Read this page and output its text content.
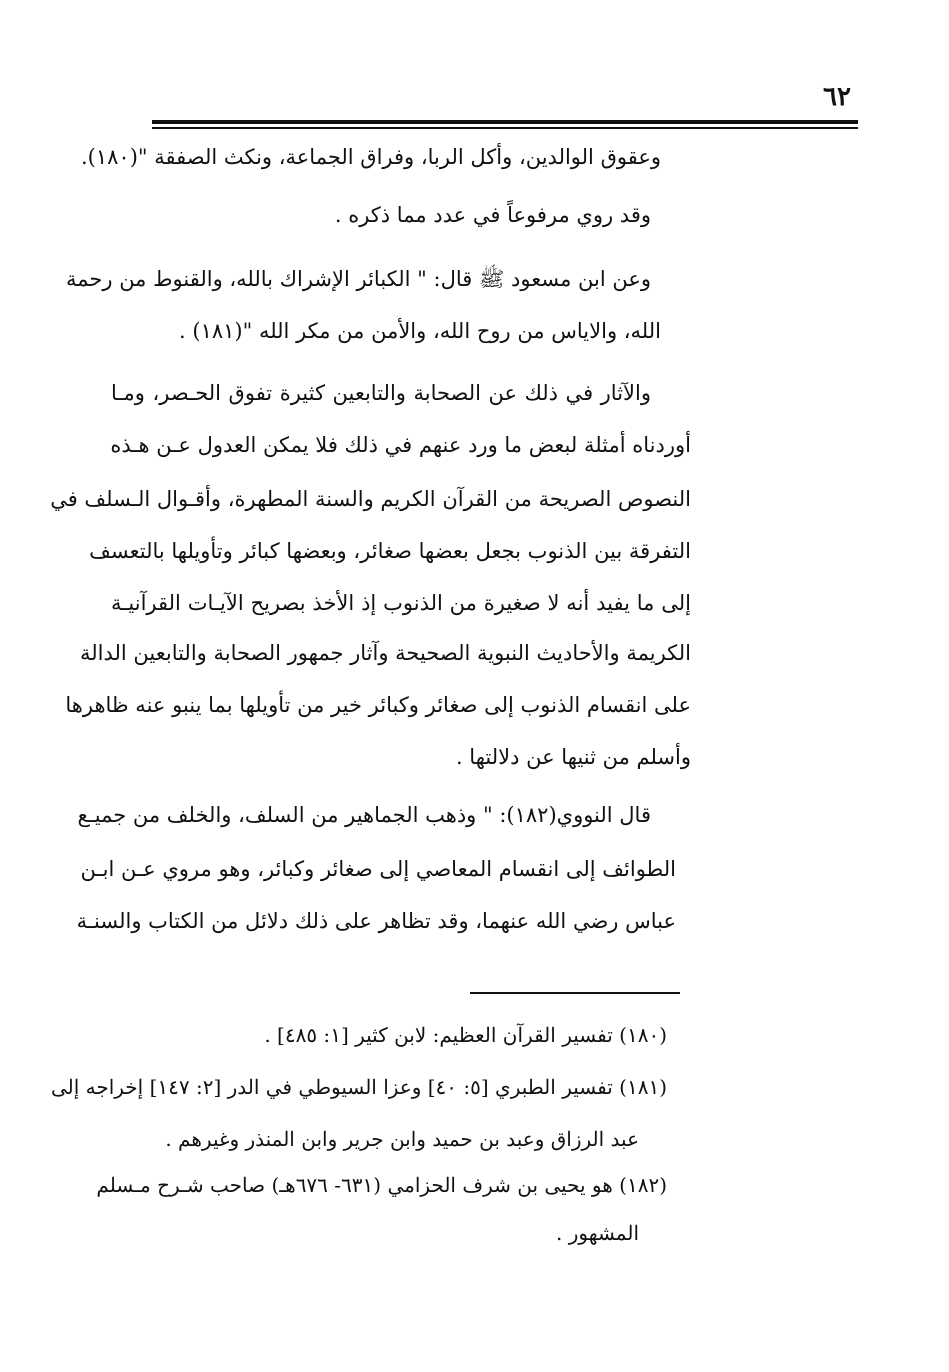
٦٢
وعقوق الوالدين، وأكل الربا، وفراق الجماعة، ونكث الصفقة "(١٨٠).
وقد روي مرفوعاً في عدد مما ذكره .
وعن ابن مسعود ﷺ قال: " الكبائر الإشراك بالله، والقنوط من رحمة
الله، والاياس من روح الله، والأمن من مكر الله "(١٨١) .
والآثار في ذلك عن الصحابة والتابعين كثيرة تفوق الحـصر، ومـا
أوردناه أمثلة لبعض ما ورد عنهم في ذلك فلا يمكن العدول عـن هـذه
النصوص الصريحة من القرآن الكريم والسنة المطهرة، وأقـوال الـسلف في
التفرقة بين الذنوب بجعل بعضها صغائر، وبعضها كبائر وتأويلها بالتعسف
إلى ما يفيد أنه لا صغيرة من الذنوب إذ الأخذ بصريح الآيـات القرآنيـة
الكريمة والأحاديث النبوية الصحيحة وآثار جمهور الصحابة والتابعين الدالة
على انقسام الذنوب إلى صغائر وكبائر خير من تأويلها بما ينبو عنه ظاهرها
وأسلم من ثنيها عن دلالتها .
قال النووي(١٨٢): " وذهب الجماهير من السلف، والخلف من جميـع
الطوائف إلى انقسام المعاصي إلى صغائر وكبائر، وهو مروي عـن ابـن
عباس رضي الله عنهما، وقد تظاهر على ذلك دلائل من الكتاب والسنـة
(١٨٠) تفسير القرآن العظيم: لابن كثير [١: ٤٨٥] .
(١٨١) تفسير الطبري [٥: ٤٠] وعزا السيوطي في الدر [٢: ١٤٧] إخراجه إلى
عبد الرزاق وعبد بن حميد وابن جرير وابن المنذر وغيرهم .
(١٨٢) هو يحيى بن شرف الحزامي (٦٣١- ٦٧٦هـ) صاحب شـرح مـسلم
المشهور .
